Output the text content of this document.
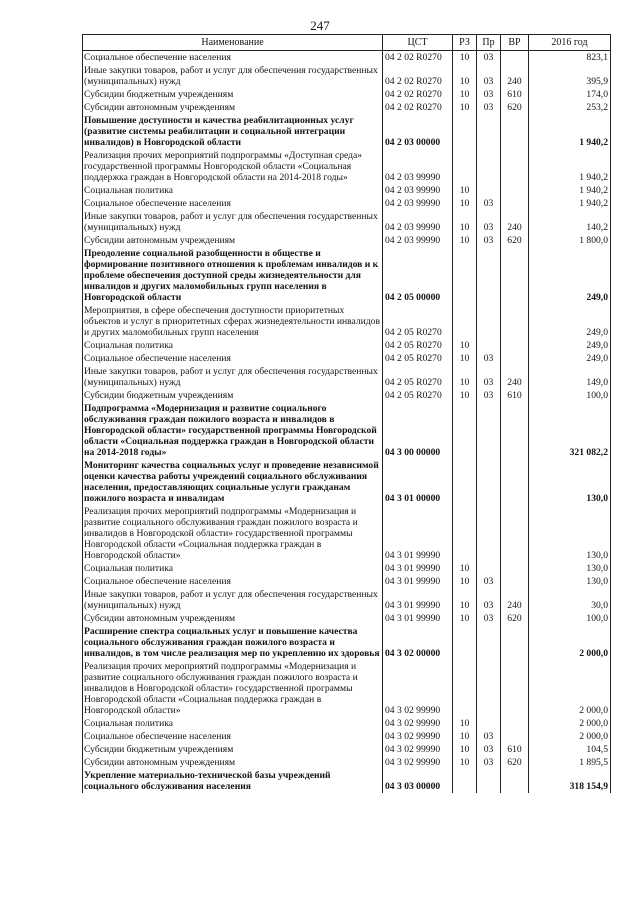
247
Наименование	ЦСТ	РЗ	Пр	ВР	2016 год
Социальное обеспечение населения	04 2 02 R0270	10	03		823,1
Иные закупки товаров, работ и услуг для обеспечения государственных (муниципальных) нужд	04 2 02 R0270	10	03	240	395,9
Субсидии бюджетным учреждениям	04 2 02 R0270	10	03	610	174,0
Субсидии автономным учреждениям	04 2 02 R0270	10	03	620	253,2
Повышение доступности и качества реабилитационных услуг (развитие системы реабилитации и социальной интеграции инвалидов) в Новгородской области	04 2 03 00000				1 940,2
Реализация прочих мероприятий подпрограммы «Доступная среда» государственной программы Новгородской области «Социальная поддержка граждан в Новгородской области на 2014-2018 годы»	04 2 03 99990				1 940,2
Социальная политика	04 2 03 99990	10			1 940,2
Социальное обеспечение населения	04 2 03 99990	10	03		1 940,2
Иные закупки товаров, работ и услуг для обеспечения государственных (муниципальных) нужд	04 2 03 99990	10	03	240	140,2
Субсидии автономным учреждениям	04 2 03 99990	10	03	620	1 800,0
Преодоление социальной разобщенности в обществе и формирование позитивного отношения к проблемам инвалидов и к проблеме обеспечения доступной среды жизнедеятельности для инвалидов и других маломобильных групп населения в Новгородской области	04 2 05 00000				249,0
Мероприятия, в сфере обеспечения доступности приоритетных объектов и услуг в приоритетных сферах жизнедеятельности инвалидов и других маломобильных групп населения	04 2 05 R0270				249,0
Социальная политика	04 2 05 R0270	10			249,0
Социальное обеспечение населения	04 2 05 R0270	10	03		249,0
Иные закупки товаров, работ и услуг для обеспечения государственных (муниципальных) нужд	04 2 05 R0270	10	03	240	149,0
Субсидии бюджетным учреждениям	04 2 05 R0270	10	03	610	100,0
Подпрограмма «Модернизация и развитие социального обслуживания граждан пожилого возраста и инвалидов в Новгородской области» государственной программы Новгородской области «Социальная поддержка граждан в Новгородской области на 2014-2018 годы»	04 3 00 00000				321 082,2
Мониторинг качества социальных услуг и проведение независимой оценки качества работы учреждений социального обслуживания населения, предоставляющих социальные услуги гражданам пожилого возраста и инвалидам	04 3 01 00000				130,0
Реализация прочих мероприятий подпрограммы «Модернизация и развитие социального обслуживания граждан пожилого возраста и инвалидов в Новгородской области» государственной программы Новгородской области «Социальная поддержка граждан в Новгородской области»	04 3 01 99990				130,0
Социальная политика	04 3 01 99990	10			130,0
Социальное обеспечение населения	04 3 01 99990	10	03		130,0
Иные закупки товаров, работ и услуг для обеспечения государственных (муниципальных) нужд	04 3 01 99990	10	03	240	30,0
Субсидии автономным учреждениям	04 3 01 99990	10	03	620	100,0
Расширение спектра социальных услуг и повышение качества социального обслуживания граждан пожилого возраста и инвалидов, в том числе реализация мер по укреплению их здоровья	04 3 02 00000				2 000,0
Реализация прочих мероприятий подпрограммы «Модернизация и развитие социального обслуживания граждан пожилого возраста и инвалидов в Новгородской области» государственной программы Новгородской области «Социальная поддержка граждан в Новгородской области»	04 3 02 99990				2 000,0
Социальная политика	04 3 02 99990	10			2 000,0
Социальное обеспечение населения	04 3 02 99990	10	03		2 000,0
Субсидии бюджетным учреждениям	04 3 02 99990	10	03	610	104,5
Субсидии автономным учреждениям	04 3 02 99990	10	03	620	1 895,5
Укрепление материально-технической базы учреждений социального обслуживания населения	04 3 03 00000				318 154,9
